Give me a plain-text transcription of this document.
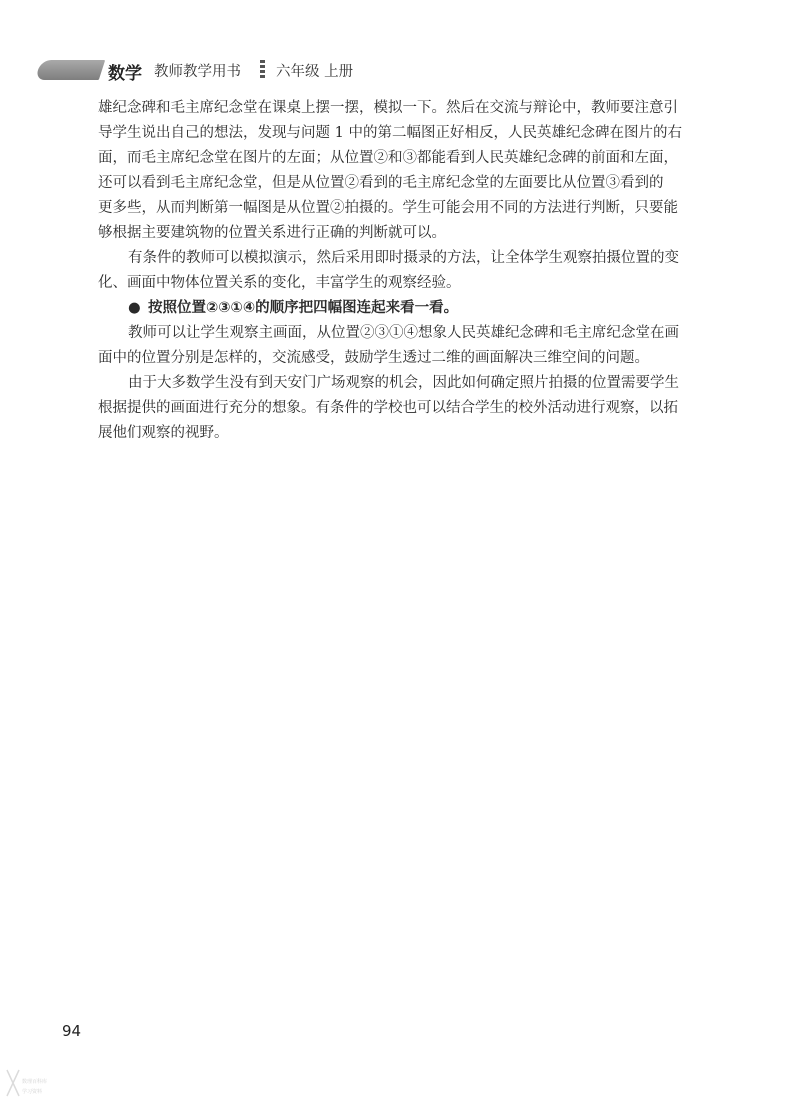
数学 教师教学用书 六年级 上册
雄纪念碑和毛主席纪念堂在课桌上摆一摆，模拟一下。然后在交流与辩论中，教师要注意引
导学生说出自己的想法，发现与问题 1 中的第二幅图正好相反，人民英雄纪念碑在图片的右
面，而毛主席纪念堂在图片的左面；从位置②和③都能看到人民英雄纪念碑的前面和左面，
还可以看到毛主席纪念堂，但是从位置②看到的毛主席纪念堂的左面要比从位置③看到的
更多些，从而判断第一幅图是从位置②拍摄的。学生可能会用不同的方法进行判断，只要能
够根据主要建筑物的位置关系进行正确的判断就可以。
有条件的教师可以模拟演示，然后采用即时摄录的方法，让全体学生观察拍摄位置的变
化、画面中物体位置关系的变化，丰富学生的观察经验。
● 按照位置②③①④的顺序把四幅图连起来看一看。
教师可以让学生观察主画面，从位置②③①④想象人民英雄纪念碑和毛主席纪念堂在画
面中的位置分别是怎样的，交流感受，鼓励学生透过二维的画面解决三维空间的问题。
由于大多数学生没有到天安门广场观察的机会，因此如何确定照片拍摄的位置需要学生
根据提供的画面进行充分的想象。有条件的学校也可以结合学生的校外活动进行观察，以拓
展他们观察的视野。
94
数理百科库
学习资料
